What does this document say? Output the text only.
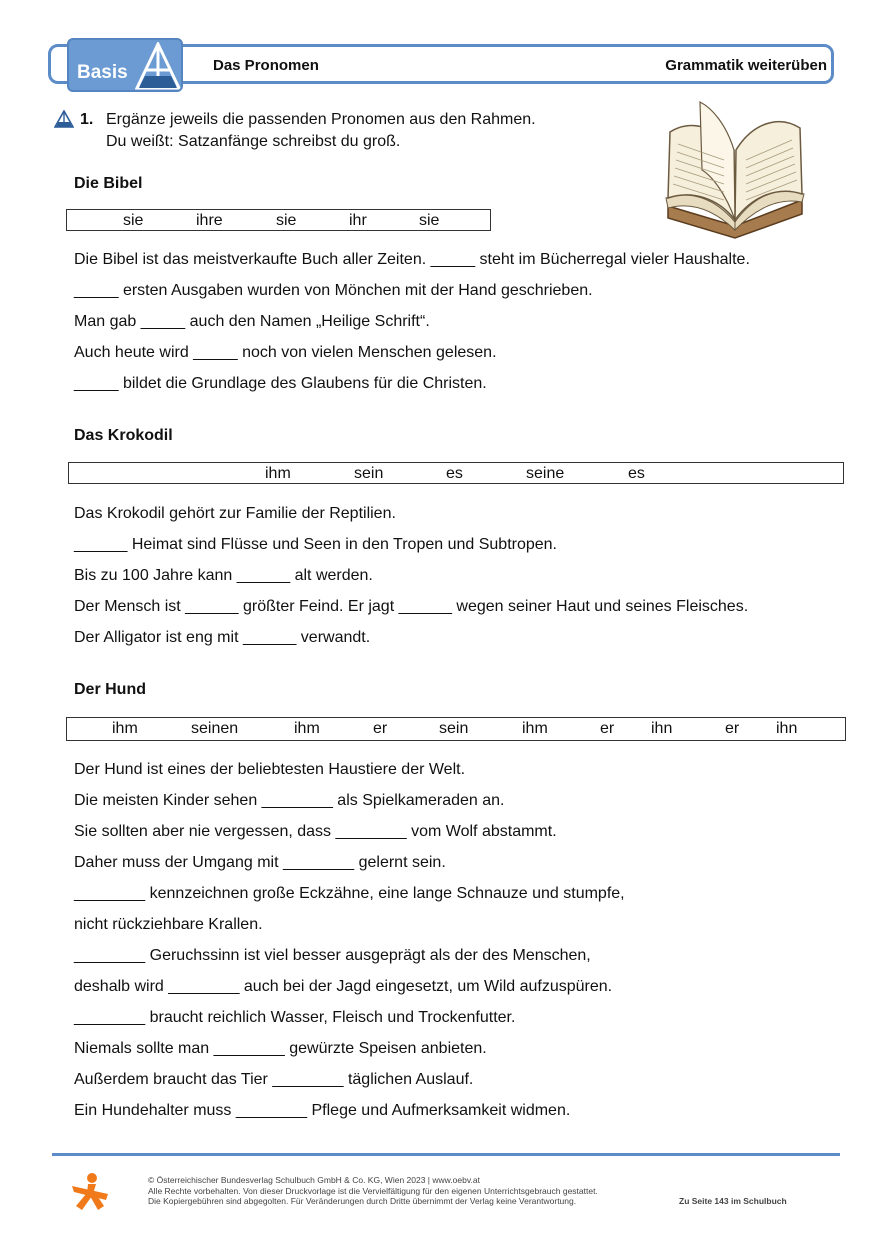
Basis	Das Pronomen	Grammatik weiterüben
1. Ergänze jeweils die passenden Pronomen aus den Rahmen.
Du weißt: Satzanfänge schreibst du groß.
Die Bibel
sie	ihre	sie	ihr	sie
Die Bibel ist das meistverkaufte Buch aller Zeiten. _____ steht im Bücherregal vieler Haushalte.
_____ ersten Ausgaben wurden von Mönchen mit der Hand geschrieben.
Man gab _____ auch den Namen „Heilige Schrift“.
Auch heute wird _____ noch von vielen Menschen gelesen.
_____ bildet die Grundlage des Glaubens für die Christen.
Das Krokodil
ihm	sein	es	seine	es
Das Krokodil gehört zur Familie der Reptilien.
______ Heimat sind Flüsse und Seen in den Tropen und Subtropen.
Bis zu 100 Jahre kann ______ alt werden.
Der Mensch ist ______ größter Feind. Er jagt ______ wegen seiner Haut und seines Fleisches.
Der Alligator ist eng mit ______ verwandt.
Der Hund
ihm	seinen	ihm	er	sein	ihm	er ihn	er ihn
Der Hund ist eines der beliebtesten Haustiere der Welt.
Die meisten Kinder sehen ________ als Spielkameraden an.
Sie sollten aber nie vergessen, dass ________ vom Wolf abstammt.
Daher muss der Umgang mit ________ gelernt sein.
________ kennzeichnen große Eckzähne, eine lange Schnauze und stumpfe,
nicht rückziehbare Krallen.
________ Geruchssinn ist viel besser ausgeprägt als der des Menschen,
deshalb wird ________ auch bei der Jagd eingesetzt, um Wild aufzuspüren.
________ braucht reichlich Wasser, Fleisch und Trockenfutter.
Niemals sollte man ________ gewürzte Speisen anbieten.
Außerdem braucht das Tier ________ täglichen Auslauf.
Ein Hundehalter muss ________ Pflege und Aufmerksamkeit widmen.
© Österreichischer Bundesverlag Schulbuch GmbH & Co. KG, Wien 2023 | www.oebv.at
Alle Rechte vorbehalten. Von dieser Druckvorlage ist die Vervielfältigung für den eigenen Unterrichtsgebrauch gestattet.
Die Kopiergebühren sind abgegolten. Für Veränderungen durch Dritte übernimmt der Verlag keine Verantwortung.	Zu Seite 143 im Schulbuch
